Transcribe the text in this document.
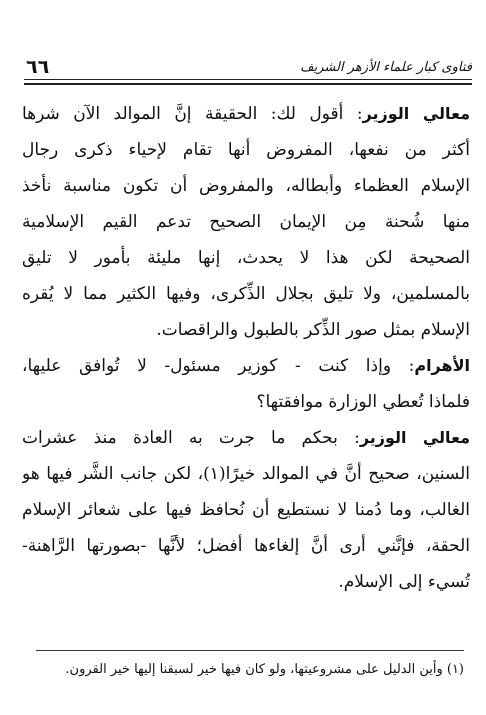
٦٦	فتاوى كبار علماء الأزهر الشريف
معالي الوزير: أقول لك: الحقيقة إنَّ الموالد الآن شرها
أكثر من نفعها، المفروض أنها تقام لإحياء ذكرى رجال
الإسلام العظماء وأبطاله، والمفروض أن تكون مناسبة نأخذ
منها شُحنة مِن الإيمان الصحيح تدعم القيم الإسلامية
الصحيحة لكن هذا لا يحدث، إنها مليئة بأمور لا تليق
بالمسلمين، ولا تليق بجلال الذِّكرى، وفيها الكثير مما لا يُقره
الإسلام بمثل صور الذِّكر بالطبول والراقصات.
الأهرام: وإذا كنت - كوزير مسئول- لا تُوافق عليها،
فلماذا تُعطي الوزارة موافقتها؟
معالي الوزير: بحكم ما جرت به العادة منذ عشرات
السنين، صحيح أنَّ في الموالد خيرًا(١)، لكن جانب الشَّر فيها هو
الغالب، وما دُمنا لا نستطيع أن نُحافظ فيها على شعائر الإسلام
الحقة، فإنَّني أرى أنَّ إلغاءها أفضل؛ لأنَّها -بصورتها الرَّاهنة-
تُسيء إلى الإسلام.
(١) وأين الدليل على مشروعيتها، ولو كان فيها خير لسبقنا إليها خير القرون.
